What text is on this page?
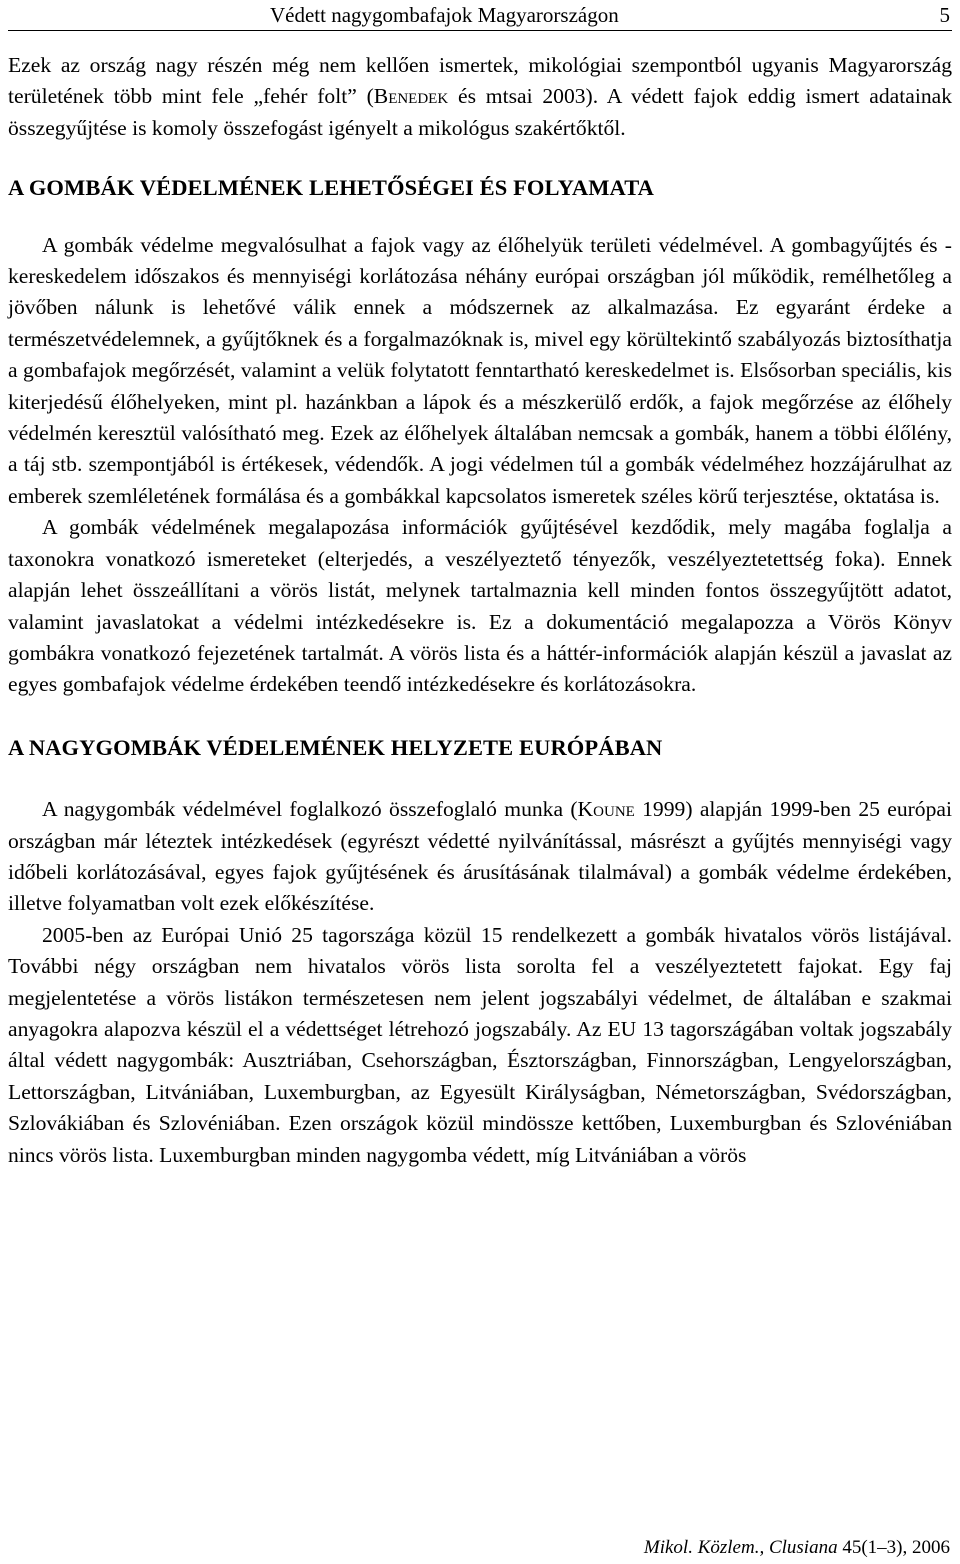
Védett nagygombafajok Magyarországon	5

Ezek az ország nagy részén még nem kellően ismertek, mikológiai szempontból ugyanis Magyarország területének több mint fele „fehér folt” (Benedek és mtsai 2003). A védett fajok eddig ismert adatainak összegyűjtése is komoly összefogást igényelt a mikológus szakértőktől.

A GOMBÁK VÉDELMÉNEK LEHETŐSÉGEI ÉS FOLYAMATA

A gombák védelme megvalósulhat a fajok vagy az élőhelyük területi védelmével. A gombagyűjtés és -kereskedelem időszakos és mennyiségi korlátozása néhány európai országban jól működik, remélhetőleg a jövőben nálunk is lehetővé válik ennek a módszernek az alkalmazása. Ez egyaránt érdeke a természetvédelemnek, a gyűjtőknek és a forgalmazóknak is, mivel egy körültekintő szabályozás biztosíthatja a gombafajok megőrzését, valamint a velük folytatott fenntartható kereskedelmet is. Elsősorban speciális, kis kiterjedésű élőhelyeken, mint pl. hazánkban a lápok és a mészkerülő erdők, a fajok megőrzése az élőhely védelmén keresztül valósítható meg. Ezek az élőhelyek általában nemcsak a gombák, hanem a többi élőlény, a táj stb. szempontjából is értékesek, védendők. A jogi védelmen túl a gombák védelméhez hozzájárulhat az emberek szemléletének formálása és a gombákkal kapcsolatos ismeretek széles körű terjesztése, oktatása is.

A gombák védelmének megalapozása információk gyűjtésével kezdődik, mely magába foglalja a taxonokra vonatkozó ismereteket (elterjedés, a veszélyeztető tényezők, veszélyeztetettség foka). Ennek alapján lehet összeállítani a vörös listát, melynek tartalmaznia kell minden fontos összegyűjtött adatot, valamint javaslatokat a védelmi intézkedésekre is. Ez a dokumentáció megalapozza a Vörös Könyv gombákra vonatkozó fejezetének tartalmát. A vörös lista és a háttér-információk alapján készül a javaslat az egyes gombafajok védelme érdekében teendő intézkedésekre és korlátozásokra.

A NAGYGOMBÁK VÉDELEMÉNEK HELYZETE EURÓPÁBAN

A nagygombák védelmével foglalkozó összefoglaló munka (Koune 1999) alapján 1999-ben 25 európai országban már léteztek intézkedések (egyrészt védetté nyilvánítással, másrészt a gyűjtés mennyiségi vagy időbeli korlátozásával, egyes fajok gyűjtésének és árusításának tilalmával) a gombák védelme érdekében, illetve folyamatban volt ezek előkészítése.

2005-ben az Európai Unió 25 tagországa közül 15 rendelkezett a gombák hivatalos vörös listájával. További négy országban nem hivatalos vörös lista sorolta fel a veszélyeztetett fajokat. Egy faj megjelentetése a vörös listákon természetesen nem jelent jogszabályi védelmet, de általában e szakmai anyagokra alapozva készül el a védettséget létrehozó jogszabály. Az EU 13 tagországában voltak jogszabály által védett nagygombák: Ausztriában, Csehországban, Észtországban, Finnországban, Lengyelországban, Lettországban, Litvániában, Luxemburgban, az Egyesült Királyságban, Németországban, Svédországban, Szlovákiában és Szlovéniában. Ezen országok közül mindössze kettőben, Luxemburgban és Szlovéniában nincs vörös lista. Luxemburgban minden nagygomba védett, míg Litvániában a vörös

Mikol. Közlem., Clusiana 45(1–3), 2006
